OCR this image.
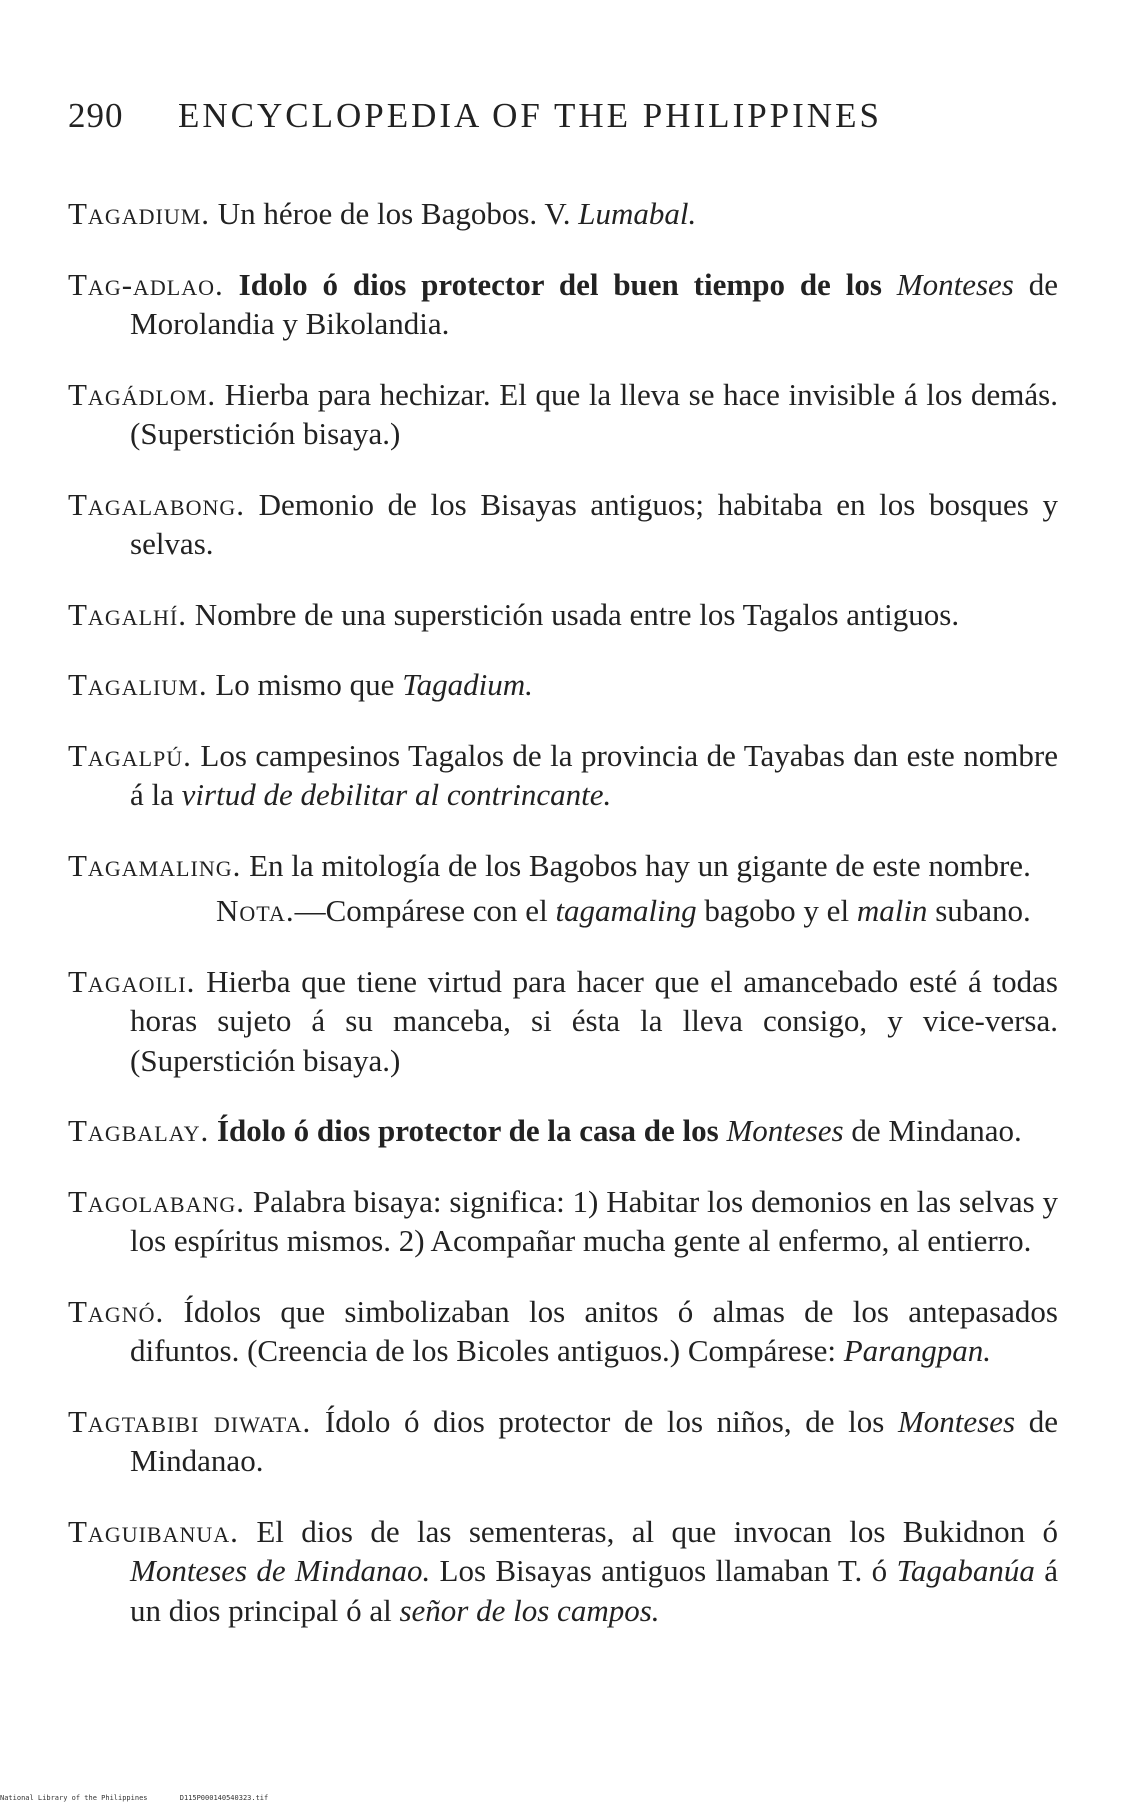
290 ENCYCLOPEDIA OF THE PHILIPPINES

Tagadium. Un héroe de los Bagobos. V. Lumabal.

Tag-adlao. Idolo ó dios protector del buen tiempo de los Monteses de Morolandia y Bikolandia.

Tagádlom. Hierba para hechizar. El que la lleva se hace invisible á los demás. (Superstición bisaya.)

Tagalabong. Demonio de los Bisayas antiguos; habitaba en los bosques y selvas.

Tagalhí. Nombre de una superstición usada entre los Tagalos antiguos.

Tagalium. Lo mismo que Tagadium.

Tagalpú. Los campesinos Tagalos de la provincia de Tayabas dan este nombre á la virtud de debilitar al contrincante.

Tagamaling. En la mitología de los Bagobos hay un gigante de este nombre.

Nota.—Compárese con el tagamaling bagobo y el malin subano.

Tagaoili. Hierba que tiene virtud para hacer que el amancebado esté á todas horas sujeto á su manceba, si ésta la lleva consigo, y vice-versa. (Superstición bisaya.)

Tagbalay. Ídolo ó dios protector de la casa de los Monteses de Mindanao.

Tagolabang. Palabra bisaya: significa: 1) Habitar los demonios en las selvas y los espíritus mismos. 2) Acompañar mucha gente al enfermo, al entierro.

Tagnó. Ídolos que simbolizaban los anitos ó almas de los antepasados difuntos. (Creencia de los Bicoles antiguos.) Compárese: Parangpan.

Tagtabibi diwata. Ídolo ó dios protector de los niños, de los Monteses de Mindanao.

Taguibanua. El dios de las sementeras, al que invocan los Bukidnon ó Monteses de Mindanao. Los Bisayas antiguos llamaban T. ó Tagabanúa á un dios principal ó al señor de los campos.

National Library of the Philippines	D115P000140540323.tif
